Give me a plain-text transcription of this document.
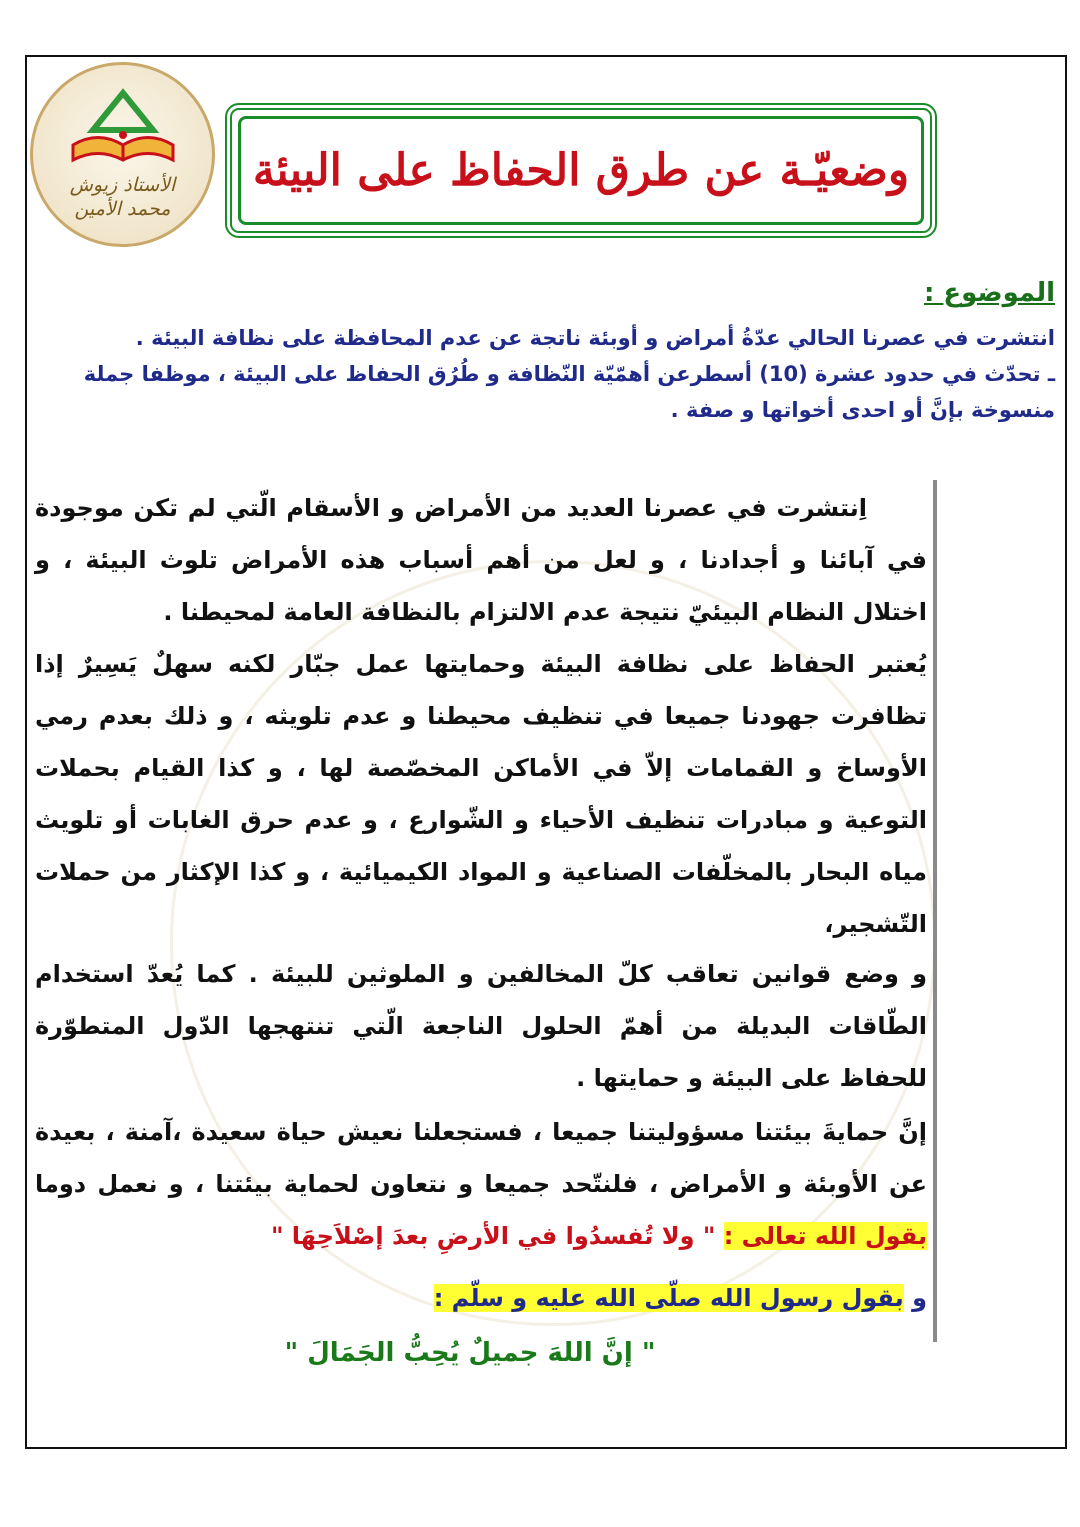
الأستاذ زيوش
محمد الأمين
وضعيّـة عن طرق الحفاظ على البيئة
الموضوع :
انتشرت في عصرنا الحالي عدّةُ أمراض و أوبئة ناتجة عن عدم المحافظة على نظافة البيئة .
ـ تحدّث في حدود عشرة (10) أسطرعن أهمّيّة النّظافة و طُرُق الحفاظ على البيئة ، موظفا جملة منسوخة بإنَّ أو احدى أخواتها و صفة .
اِنتشرت في عصرنا العديد من الأمراض و الأسقام الّتي لم تكن موجودة في آبائنا و أجدادنا ، و لعل من أهم أسباب هذه الأمراض تلوث البيئة ، و اختلال النظام البيئيّ نتيجة عدم الالتزام بالنظافة العامة لمحيطنا .
يُعتبر الحفاظ على نظافة البيئة وحمايتها عمل جبّار لكنه سهلٌ يَسِيرٌ إذا تظافرت جهودنا جميعا في تنظيف محيطنا و عدم تلويثه ، و ذلك بعدم رمي الأوساخ و القمامات إلاّ في الأماكن المخصّصة لها ، و كذا القيام بحملات التوعية و مبادرات تنظيف الأحياء و الشّوارع ، و عدم حرق الغابات أو تلويث مياه البحار بالمخلّفات الصناعية و المواد الكيميائية ، و كذا الإكثار من حملات التّشجير،
و وضع قوانين تعاقب كلّ المخالفين و الملوثين للبيئة . كما يُعدّ استخدام الطّاقات البديلة من أهمّ الحلول الناجعة الّتي تنتهجها الدّول المتطوّرة للحفاظ على البيئة و حمايتها .
إنَّ حمايةَ بيئتنا مسؤوليتنا جميعا ، فستجعلنا نعيش حياة سعيدة ،آمنة ، بعيدة عن الأوبئة و الأمراض ، فلنتّحد جميعا و نتعاون لحماية بيئتنا ، و نعمل دوما بقول الله تعالى : " ولا تُفسدُوا في الأرضِ بعدَ إصْلاَحِهَا "
و بقول رسول الله صلّى الله عليه و سلّم :
" إنَّ اللهَ جميلٌ يُحِبُّ الجَمَالَ "
